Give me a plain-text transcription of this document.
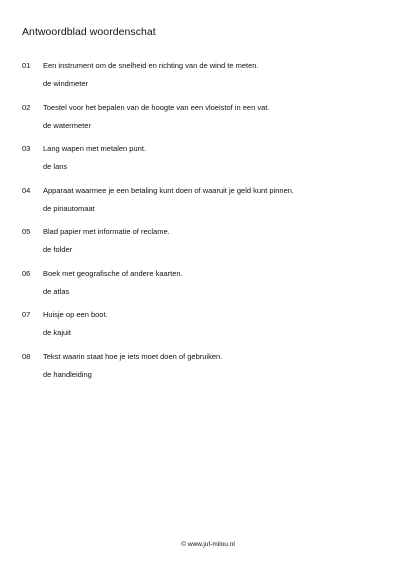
Antwoordblad woordenschat
01 Een instrument om de snelheid en richting van de wind te meten.
de windmeter
02 Toestel voor het bepalen van de hoogte van een vloeistof in een vat.
de watermeter
03 Lang wapen met metalen punt.
de lans
04 Apparaat waarmee je een betaling kunt doen of waaruit je geld kunt pinnen.
de pinautomaat
05 Blad papier met informatie of reclame.
de folder
06 Boek met geografische of andere kaarten.
de atlas
07 Huisje op een boot.
de kajuit
08 Tekst waarin staat hoe je iets moet doen of gebruiken.
de handleiding
© www.juf-milou.nl
